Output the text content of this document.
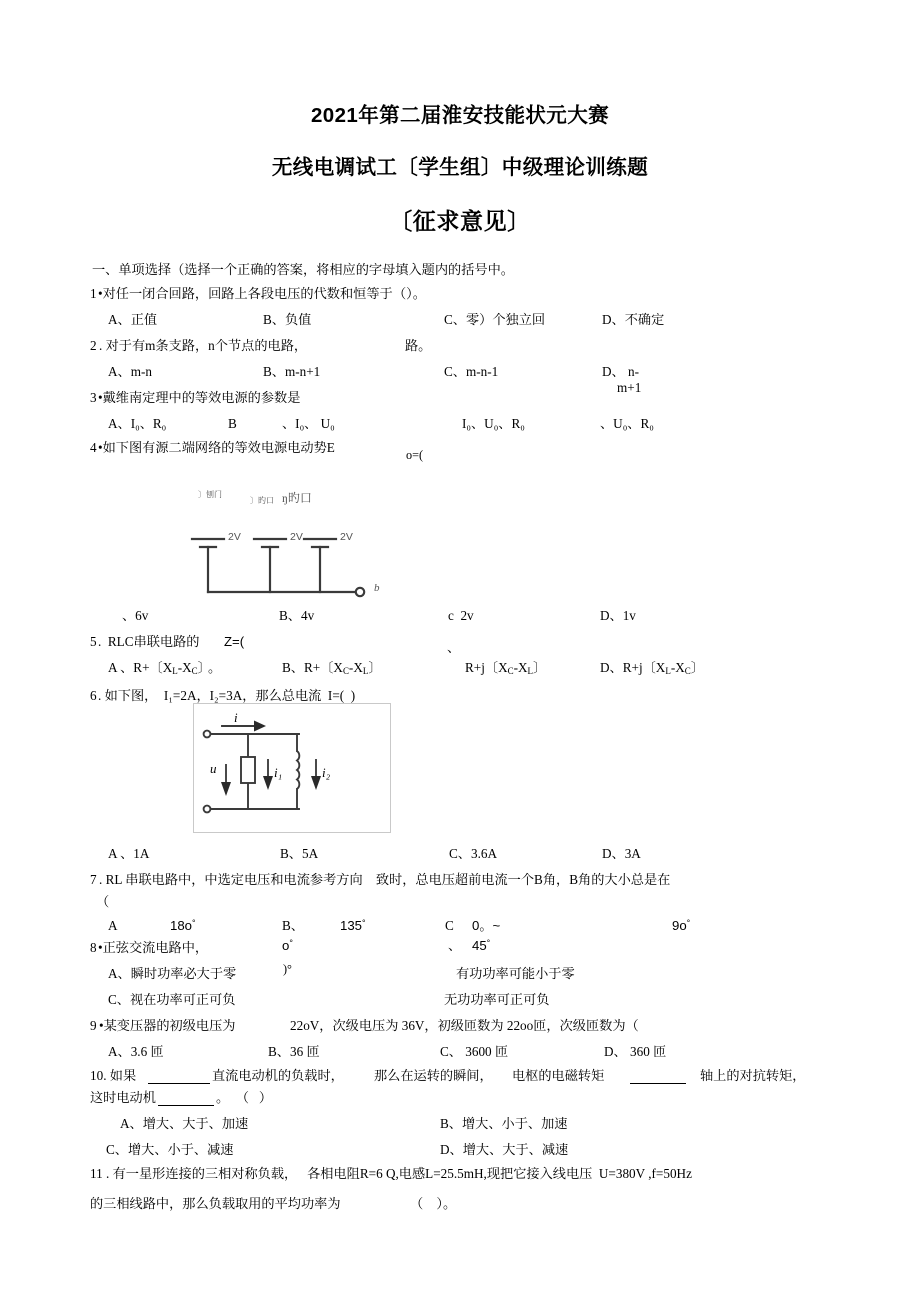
2021年第二届淮安技能状元大赛
无线电调试工〔学生组〕中级理论训练题
〔征求意见〕
一、单项选择（选择一个正确的答案，将相应的字母填入题内的括号中。
1 •对任一闭合回路，回路上各段电压的代数和恒等于 （）。
A、正值	B、负值	C、零）个独立回	D、不确定
2 . 对于有m条支路，n个节点的电路，	路。
A、m-n	B、m-n+1	C、m-n-1	D、 n-
m+1
3 •戴维南定理中的等效电源的参数是
A、I₀、R₀	B	、I₀、 U₀	I₀、U₀、R₀	、U₀、R₀
4 •如下图有源二端网络的等效电源电动势E	o=(
〕刨门
〕旳口 ŋ旳口
2V	2V	2V
b
、6v	B、4v	c  2v	D、1v
5 .  RLC串联电路的 Z=(	、
A 、R+〔$X_L-X_C$〕
。	B、R+〔$X_C-X_L$〕	R+j〔$X_C-X_L$〕	D、R+j〔$X_L-X_C$〕
6 . 如下图，  I₁=2A，I₂=3A，那么总电流  I=(  )
u
i
i₁	i₂
A 、1A	B、5A	C、3.6A	D、3A
7 . RL 串联电路中，中选定电压和电流参考方向　致时，总电压超前电流一个B角，B角的大小总是在
（
A	18o°	B、	135°	C 0。~
、 45°
9o°
o°
8 •正弦交流电路中，
)°
A、瞬时功率必大于零	有功功率可能小于零
C、视在功率可正可负	无功功率可正可负
9 •某变压器的初级电压为	22oV，次级电压为 36V，初级匝数为 22oo匝，次级匝数为（
A、3.6 匝	B、36 匝	C、 3600 匝	D、 360 匝
10. 如果	直流电动机的负载时， 那么在运转的瞬间， 电枢的电磁转矩	轴上的对抗转矩，
这时电动机	。  （   ）
A、增大、大于、加速	B、增大、小于、加速
C、增大、小于、减速	D、增大、大于、减速
11 . 有一星形连接的三相对称负载，   各相电阻R=6 Q,电感L=25.5mH,现把它接入线电压  U=380V ,f=50Hz
的三相线路中，那么负载取用的平均功率为	（    ）。
